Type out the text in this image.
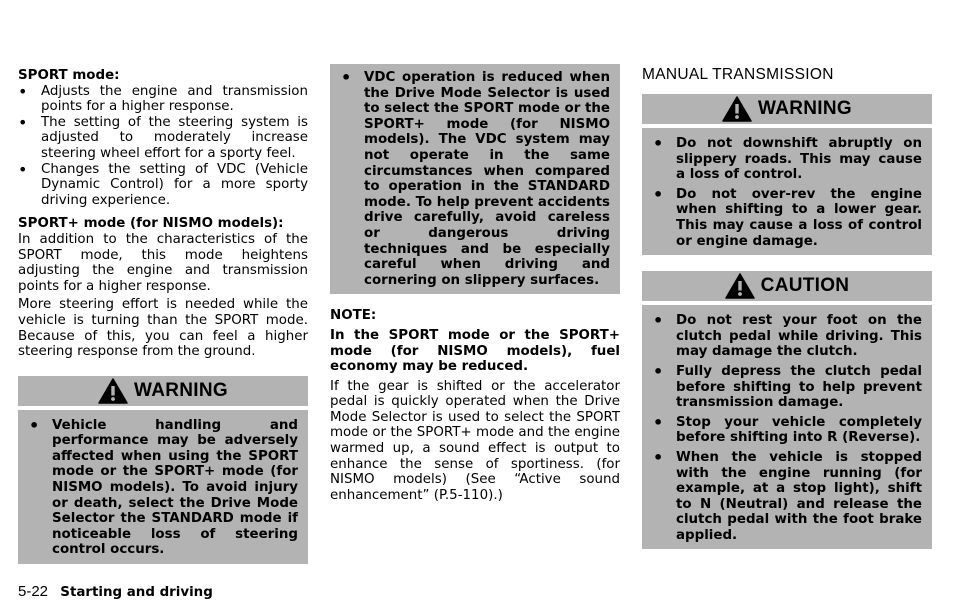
SPORT mode:
• Adjusts the engine and transmission points for a higher response.
• The setting of the steering system is adjusted to moderately increase steering wheel effort for a sporty feel.
• Changes the setting of VDC (Vehicle Dynamic Control) for a more sporty driving experience.
SPORT+ mode (for NISMO models):

In addition to the characteristics of the SPORT mode, this mode heightens adjusting the engine and transmission points for a higher response.

More steering effort is needed while the vehicle is turning than the SPORT mode. Because of this, you can feel a higher steering response from the ground.

WARNING
• Vehicle handling and performance may be adversely affected when using the SPORT mode or the SPORT+ mode (for NISMO models). To avoid injury or death, select the Drive Mode Selector the STANDARD mode if noticeable loss of steering control occurs.
• VDC operation is reduced when the Drive Mode Selector is used to select the SPORT mode or the SPORT+ mode (for NISMO models). The VDC system may not operate in the same circumstances when compared to operation in the STANDARD mode. To help prevent accidents drive carefully, avoid careless or dangerous driving techniques and be especially careful when driving and cornering on slippery surfaces.
NOTE:

In the SPORT mode or the SPORT+ mode (for NISMO models), fuel economy may be reduced.

If the gear is shifted or the accelerator pedal is quickly operated when the Drive Mode Selector is used to select the SPORT mode or the SPORT+ mode and the engine warmed up, a sound effect is output to enhance the sense of sportiness. (for NISMO models) (See “Active sound enhancement” (P.5-110).)

MANUAL TRANSMISSION
WARNING
• Do not downshift abruptly on slippery roads. This may cause a loss of control.
• Do not over-rev the engine when shifting to a lower gear. This may cause a loss of control or engine damage.
CAUTION
• Do not rest your foot on the clutch pedal while driving. This may damage the clutch.
• Fully depress the clutch pedal before shifting to help prevent transmission damage.
• Stop your vehicle completely before shifting into R (Reverse).
• When the vehicle is stopped with the engine running (for example, at a stop light), shift to N (Neutral) and release the clutch pedal with the foot brake applied.
5-22 Starting and driving
